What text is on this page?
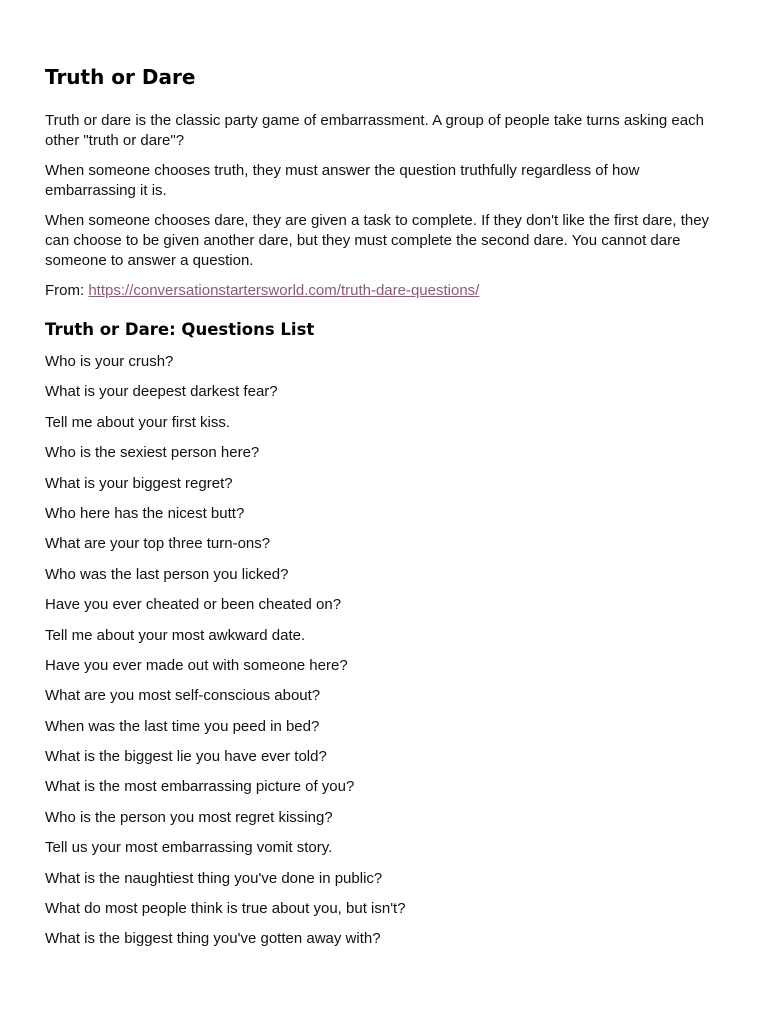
Truth or Dare

Truth or dare is the classic party game of embarrassment. A group of people take turns asking each other "truth or dare"?

When someone chooses truth, they must answer the question truthfully regardless of how embarrassing it is.

When someone chooses dare, they are given a task to complete. If they don't like the first dare, they can choose to be given another dare, but they must complete the second dare. You cannot dare someone to answer a question.

From: https://conversationstartersworld.com/truth-dare-questions/
Truth or Dare: Questions List
Who is your crush?
What is your deepest darkest fear?
Tell me about your first kiss.
Who is the sexiest person here?
What is your biggest regret?
Who here has the nicest butt?
What are your top three turn-ons?
Who was the last person you licked?
Have you ever cheated or been cheated on?
Tell me about your most awkward date.
Have you ever made out with someone here?
What are you most self-conscious about?
When was the last time you peed in bed?
What is the biggest lie you have ever told?
What is the most embarrassing picture of you?
Who is the person you most regret kissing?
Tell us your most embarrassing vomit story.
What is the naughtiest thing you've done in public?
What do most people think is true about you, but isn't?
What is the biggest thing you've gotten away with?
